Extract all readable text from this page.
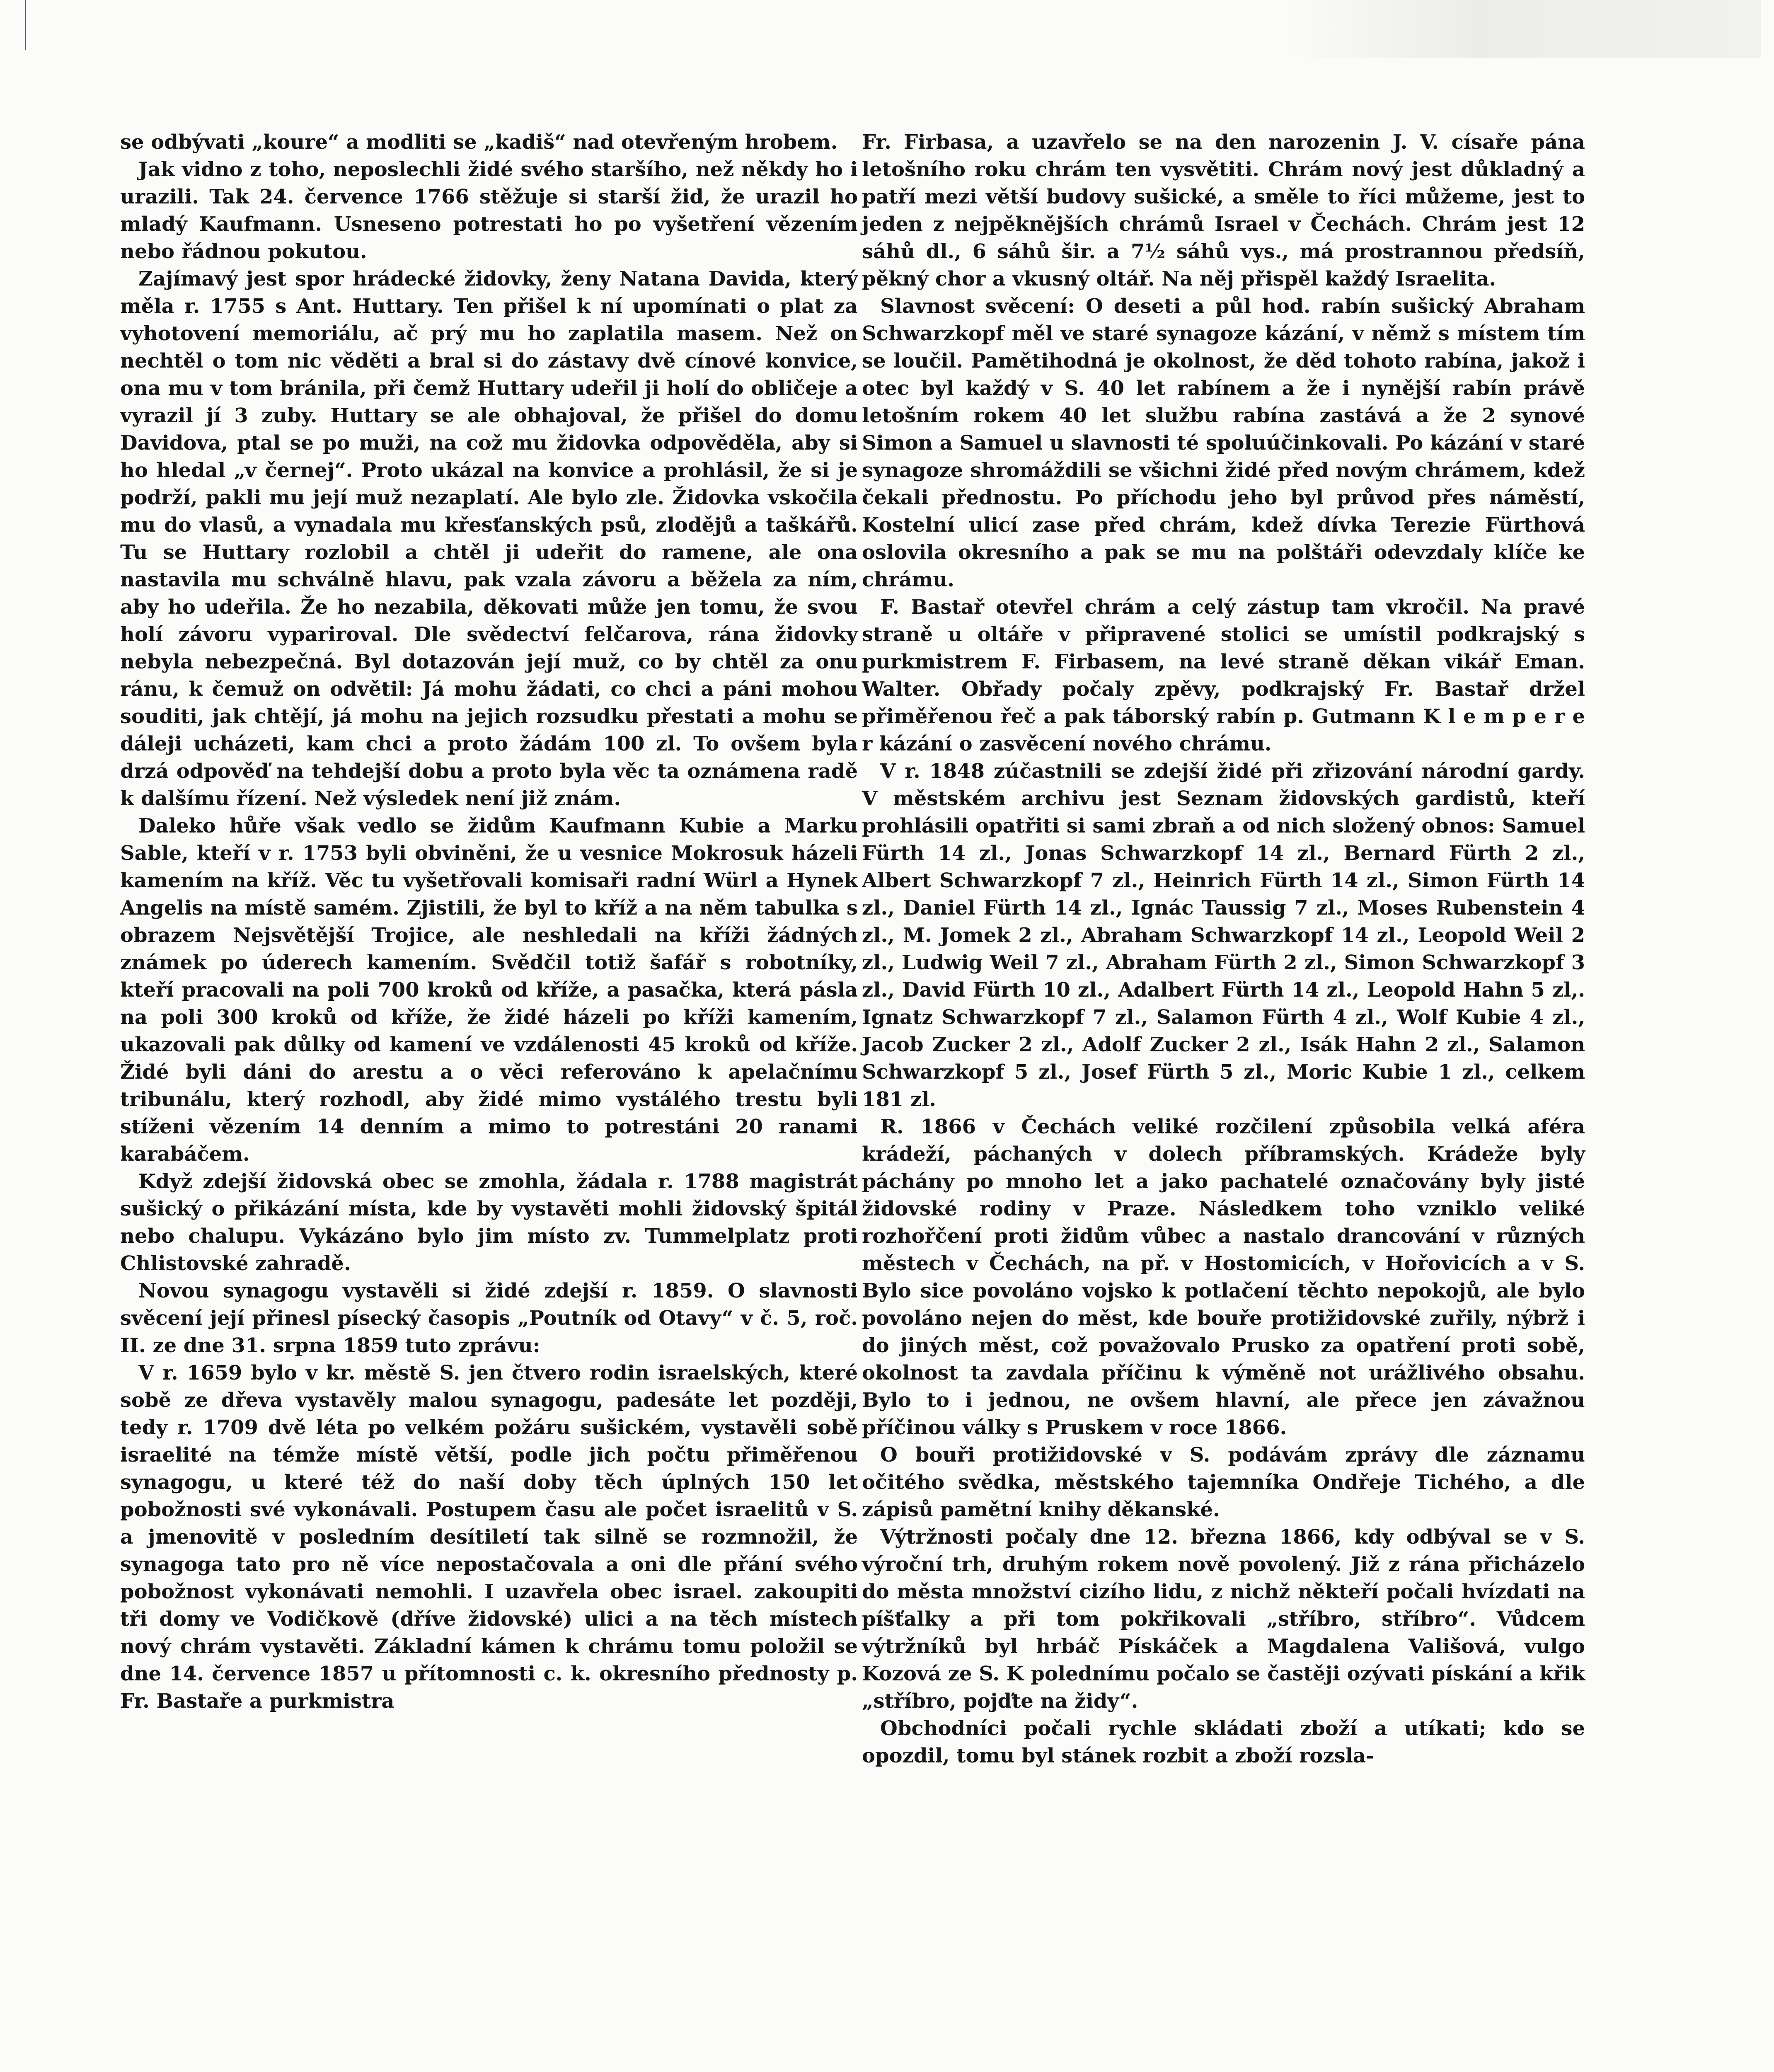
se odbývati „koure“ a modliti se „kadiš“ nad otevřeným hrobem.

Jak vidno z toho, neposlechli židé svého staršího, než někdy ho i urazili. Tak 24. července 1766 stěžuje si starší žid, že urazil ho mladý Kaufmann. Usneseno potrestati ho po vyšetření vězením nebo řádnou pokutou.

Zajímavý jest spor hrádecké židovky, ženy Natana Davida, který měla r. 1755 s Ant. Huttary. Ten přišel k ní upomínati o plat za vyhotovení memoriálu, ač prý mu ho zaplatila masem. Než on nechtěl o tom nic věděti a bral si do zástavy dvě cínové konvice, ona mu v tom bránila, při čemž Huttary udeřil ji holí do obličeje a vyrazil jí 3 zuby. Huttary se ale obhajoval, že přišel do domu Davidova, ptal se po muži, na což mu židovka odpověděla, aby si ho hledal „v černej“. Proto ukázal na konvice a prohlásil, že si je podrží, pakli mu její muž nezaplatí. Ale bylo zle. Židovka vskočila mu do vlasů, a vynadala mu křesťanských psů, zlodějů a taškářů. Tu se Huttary rozlobil a chtěl ji udeřit do ramene, ale ona nastavila mu schválně hlavu, pak vzala závoru a běžela za ním, aby ho udeřila. Že ho nezabila, děkovati může jen tomu, že svou holí závoru vypariroval. Dle svědectví felčarova, rána židovky nebyla nebezpečná. Byl dotazován její muž, co by chtěl za onu ránu, k čemuž on odvětil: Já mohu žádati, co chci a páni mohou souditi, jak chtějí, já mohu na jejich rozsudku přestati a mohu se dáleji ucházeti, kam chci a proto žádám 100 zl. To ovšem byla drzá odpověď na tehdejší dobu a proto byla věc ta oznámena radě k dalšímu řízení. Než výsledek není již znám.

Daleko hůře však vedlo se židům Kaufmann Kubie a Marku Sable, kteří v r. 1753 byli obviněni, že u vesnice Mokrosuk házeli kamením na kříž. Věc tu vyšetřovali komisaři radní Würl a Hynek Angelis na místě samém. Zjistili, že byl to kříž a na něm tabulka s obrazem Nejsvětější Trojice, ale neshledali na kříži žádných známek po úderech kamením. Svědčil totiž šafář s robotníky, kteří pracovali na poli 700 kroků od kříže, a pasačka, která pásla na poli 300 kroků od kříže, že židé házeli po kříži kamením, ukazovali pak důlky od kamení ve vzdálenosti 45 kroků od kříže. Židé byli dáni do arestu a o věci referováno k apelačnímu tribunálu, který rozhodl, aby židé mimo vystálého trestu byli stíženi vězením 14 denním a mimo to potrestáni 20 ranami karabáčem.

Když zdejší židovská obec se zmohla, žádala r. 1788 magistrát sušický o přikázání místa, kde by vystavěti mohli židovský špitál nebo chalupu. Vykázáno bylo jim místo zv. Tummelplatz proti Chlistovské zahradě.

Novou synagogu vystavěli si židé zdejší r. 1859. O slavnosti svěcení její přinesl písecký časopis „Poutník od Otavy“ v č. 5, roč. II. ze dne 31. srpna 1859 tuto zprávu:

V r. 1659 bylo v kr. městě S. jen čtvero rodin israelských, které sobě ze dřeva vystavěly malou synagogu, padesáte let později, tedy r. 1709 dvě léta po velkém požáru sušickém, vystavěli sobě israelité na témže místě větší, podle jich počtu přiměřenou synagogu, u které též do naší doby těch úplných 150 let pobožnosti své vykonávali. Postupem času ale počet israelitů v S. a jmenovitě v posledním desítiletí tak silně se rozmnožil, že synagoga tato pro ně více nepostačovala a oni dle přání svého pobožnost vykonávati nemohli. I uzavřela obec israel. zakoupiti tři domy ve Vodičkově (dříve židovské) ulici a na těch místech nový chrám vystavěti. Základní kámen k chrámu tomu položil se dne 14. července 1857 u přítomnosti c. k. okresního přednosty p. Fr. Bastaře a purkmistra

Fr. Firbasa, a uzavřelo se na den narozenin J. V. císaře pána letošního roku chrám ten vysvětiti. Chrám nový jest důkladný a patří mezi větší budovy sušické, a směle to říci můžeme, jest to jeden z nejpěknějších chrámů Israel v Čechách. Chrám jest 12 sáhů dl., 6 sáhů šir. a 7½ sáhů vys., má prostrannou předsíň, pěkný chor a vkusný oltář. Na něj přispěl každý Israelita.

Slavnost svěcení: O deseti a půl hod. rabín sušický Abraham Schwarzkopf měl ve staré synagoze kázání, v němž s místem tím se loučil. Pamětihodná je okolnost, že děd tohoto rabína, jakož i otec byl každý v S. 40 let rabínem a že i nynější rabín právě letošním rokem 40 let službu rabína zastává a že 2 synové Simon a Samuel u slavnosti té spoluúčinkovali. Po kázání v staré synagoze shromáždili se všichni židé před novým chrámem, kdež čekali přednostu. Po příchodu jeho byl průvod přes náměstí, Kostelní ulicí zase před chrám, kdež dívka Terezie Fürthová oslovila okresního a pak se mu na polštáři odevzdaly klíče ke chrámu.

F. Bastař otevřel chrám a celý zástup tam vkročil. Na pravé straně u oltáře v připravené stolici se umístil podkrajský s purkmistrem F. Firbasem, na levé straně děkan vikář Eman. Walter. Obřady počaly zpěvy, podkrajský Fr. Bastař držel přiměřenou řeč a pak táborský rabín p. Gutmann K l e m p e r e r kázání o zasvěcení nového chrámu.

V r. 1848 zúčastnili se zdejší židé při zřizování národní gardy. V městském archivu jest Seznam židovských gardistů, kteří prohlásili opatřiti si sami zbraň a od nich složený obnos: Samuel Fürth 14 zl., Jonas Schwarzkopf 14 zl., Bernard Fürth 2 zl., Albert Schwarzkopf 7 zl., Heinrich Fürth 14 zl., Simon Fürth 14 zl., Daniel Fürth 14 zl., Ignác Taussig 7 zl., Moses Rubenstein 4 zl., M. Jomek 2 zl., Abraham Schwarzkopf 14 zl., Leopold Weil 2 zl., Ludwig Weil 7 zl., Abraham Fürth 2 zl., Simon Schwarzkopf 3 zl., David Fürth 10 zl., Adalbert Fürth 14 zl., Leopold Hahn 5 zl,. Ignatz Schwarzkopf 7 zl., Salamon Fürth 4 zl., Wolf Kubie 4 zl., Jacob Zucker 2 zl., Adolf Zucker 2 zl., Isák Hahn 2 zl., Salamon Schwarzkopf 5 zl., Josef Fürth 5 zl., Moric Kubie 1 zl., celkem 181 zl.

R. 1866 v Čechách veliké rozčilení způsobila velká aféra krádeží, páchaných v dolech příbramských. Krádeže byly páchány po mnoho let a jako pachatelé označovány byly jisté židovské rodiny v Praze. Následkem toho vzniklo veliké rozhořčení proti židům vůbec a nastalo drancování v různých městech v Čechách, na př. v Hostomicích, v Hořovicích a v S. Bylo sice povoláno vojsko k potlačení těchto nepokojů, ale bylo povoláno nejen do měst, kde bouře protižidovské zuřily, nýbrž i do jiných měst, což považovalo Prusko za opatření proti sobě, okolnost ta zavdala příčinu k výměně not urážlivého obsahu. Bylo to i jednou, ne ovšem hlavní, ale přece jen závažnou příčinou války s Pruskem v roce 1866.

O bouři protižidovské v S. podávám zprávy dle záznamu očitého svědka, městského tajemníka Ondřeje Tichého, a dle zápisů pamětní knihy děkanské.

Výtržnosti počaly dne 12. března 1866, kdy odbýval se v S. výroční trh, druhým rokem nově povolený. Již z rána přicházelo do města množství cizího lidu, z nichž někteří počali hvízdati na píšťalky a při tom pokřikovali „stříbro, stříbro“. Vůdcem výtržníků byl hrbáč Pískáček a Magdalena Vališová, vulgo Kozová ze S. K polednímu počalo se častěji ozývati pískání a křik „stříbro, pojďte na židy“.

Obchodníci počali rychle skládati zboží a utíkati; kdo se opozdil, tomu byl stánek rozbit a zboží rozsla-
